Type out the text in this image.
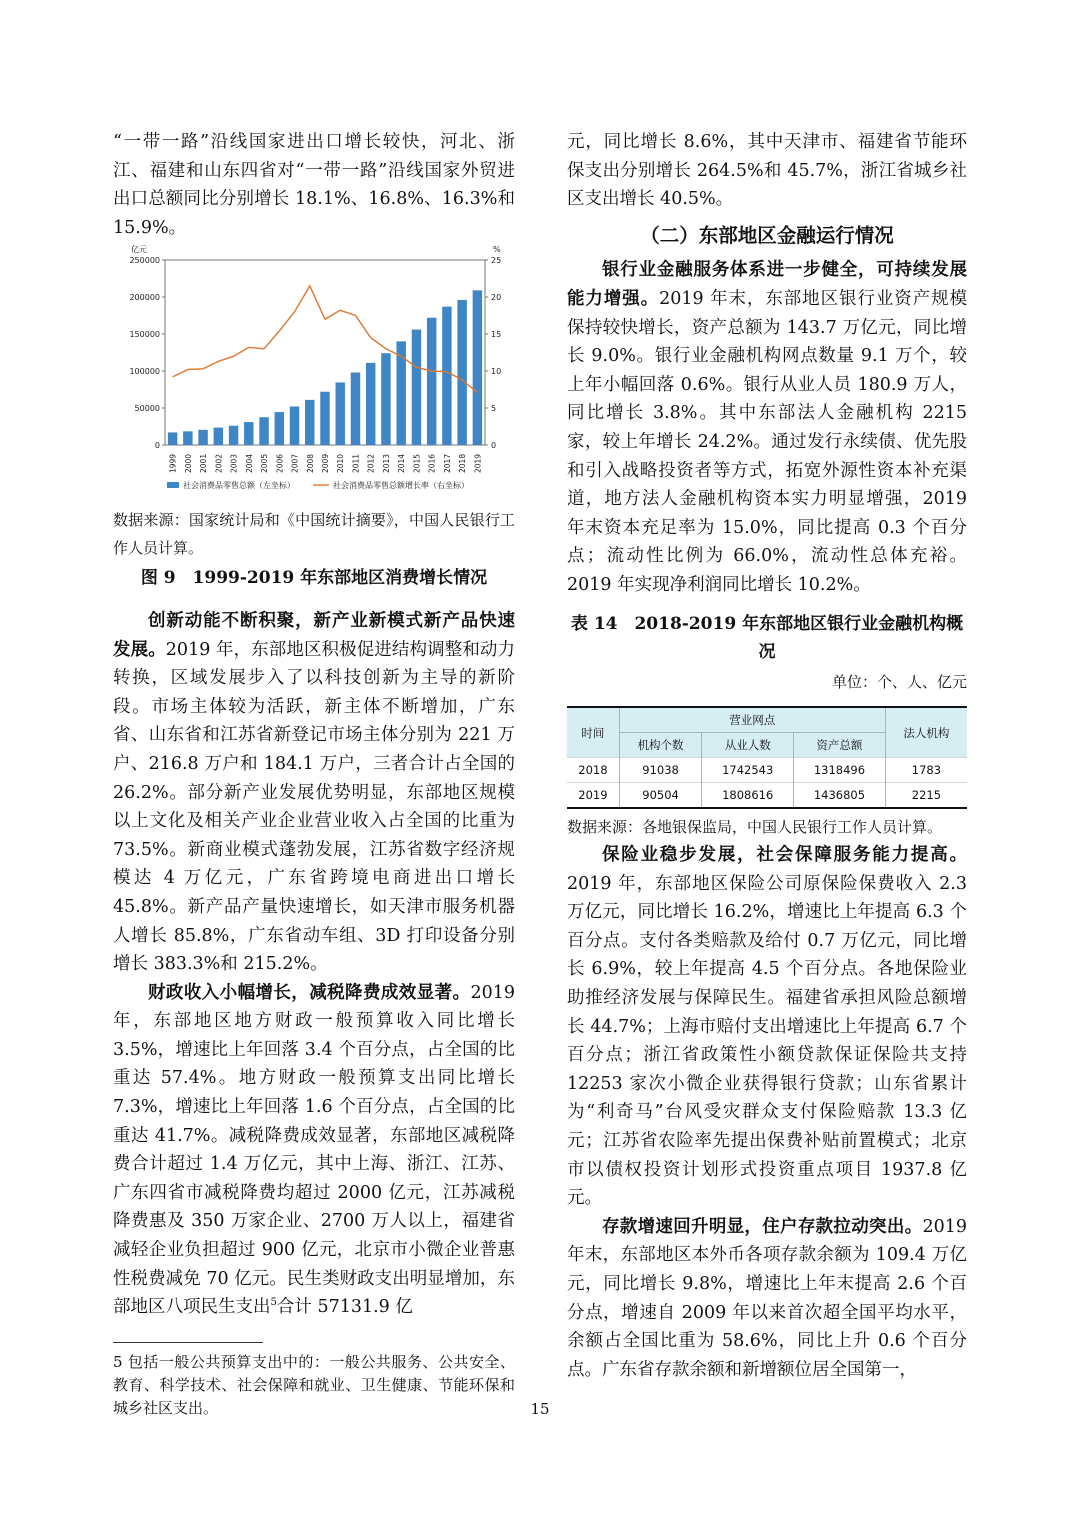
“一带一路”沿线国家进出口增长较快，河北、浙江、福建和山东四省对“一带一路”沿线国家外贸进出口总额同比分别增长 18.1%、16.8%、16.3%和 15.9%。

亿元	%
0
50000
100000
150000
200000
250000
0
5
10
15
20
25
1999 2000 2001 2002 2003 2004 2005 2006 2007 2008 2009 2010 2011 2012 2013 2014 2015 2016 2017 2018 2019
社会消费品零售总额（左坐标）	社会消费品零售总额增长率（右坐标）

数据来源：国家统计局和《中国统计摘要》，中国人民银行工作人员计算。

图 9　1999-2019 年东部地区消费增长情况

创新动能不断积聚，新产业新模式新产品快速发展。2019 年，东部地区积极促进结构调整和动力转换，区域发展步入了以科技创新为主导的新阶段。市场主体较为活跃，新主体不断增加，广东省、山东省和江苏省新登记市场主体分别为 221 万户、216.8 万户和 184.1 万户，三者合计占全国的 26.2%。部分新产业发展优势明显，东部地区规模以上文化及相关产业企业营业收入占全国的比重为 73.5%。新商业模式蓬勃发展，江苏省数字经济规模达 4 万亿元，广东省跨境电商进出口增长 45.8%。新产品产量快速增长，如天津市服务机器人增长 85.8%，广东省动车组、3D 打印设备分别增长 383.3%和 215.2%。

财政收入小幅增长，减税降费成效显著。2019 年，东部地区地方财政一般预算收入同比增长 3.5%，增速比上年回落 3.4 个百分点，占全国的比重达 57.4%。地方财政一般预算支出同比增长 7.3%，增速比上年回落 1.6 个百分点，占全国的比重达 41.7%。减税降费成效显著，东部地区减税降费合计超过 1.4 万亿元，其中上海、浙江、江苏、广东四省市减税降费均超过 2000 亿元，江苏减税降费惠及 350 万家企业、2700 万人以上，福建省减轻企业负担超过 900 亿元，北京市小微企业普惠性税费减免 70 亿元。民生类财政支出明显增加，东部地区八项民生支出$^5$合计 57131.9 亿

5 包括一般公共预算支出中的：一般公共服务、公共安全、教育、科学技术、社会保障和就业、卫生健康、节能环保和城乡社区支出。

元，同比增长 8.6%，其中天津市、福建省节能环保支出分别增长 264.5%和 45.7%，浙江省城乡社区支出增长 40.5%。

（二）东部地区金融运行情况

银行业金融服务体系进一步健全，可持续发展能力增强。2019 年末，东部地区银行业资产规模保持较快增长，资产总额为 143.7 万亿元，同比增长 9.0%。银行业金融机构网点数量 9.1 万个，较上年小幅回落 0.6%。银行从业人员 180.9 万人，同比增长 3.8%。其中东部法人金融机构 2215 家，较上年增长 24.2%。通过发行永续债、优先股和引入战略投资者等方式，拓宽外源性资本补充渠道，地方法人金融机构资本实力明显增强，2019 年末资本充足率为 15.0%，同比提高 0.3 个百分点；流动性比例为 66.0%，流动性总体充裕。2019 年实现净利润同比增长 10.2%。

表 14　2018-2019 年东部地区银行业金融机构概况

单位：个、人、亿元

时间	营业网点			法人机构
	机构个数	从业人数	资产总额	
2018	91038	1742543	1318496	1783
2019	90504	1808616	1436805	2215

数据来源：各地银保监局，中国人民银行工作人员计算。

保险业稳步发展，社会保障服务能力提高。2019 年，东部地区保险公司原保险保费收入 2.3 万亿元，同比增长 16.2%，增速比上年提高 6.3 个百分点。支付各类赔款及给付 0.7 万亿元，同比增长 6.9%，较上年提高 4.5 个百分点。各地保险业助推经济发展与保障民生。福建省承担风险总额增长 44.7%；上海市赔付支出增速比上年提高 6.7 个百分点；浙江省政策性小额贷款保证保险共支持 12253 家次小微企业获得银行贷款；山东省累计为“利奇马”台风受灾群众支付保险赔款 13.3 亿元；江苏省农险率先提出保费补贴前置模式；北京市以债权投资计划形式投资重点项目 1937.8 亿元。

存款增速回升明显，住户存款拉动突出。2019 年末，东部地区本外币各项存款余额为 109.4 万亿元，同比增长 9.8%，增速比上年末提高 2.6 个百分点，增速自 2009 年以来首次超全国平均水平，余额占全国比重为 58.6%，同比上升 0.6 个百分点。广东省存款余额和新增额位居全国第一，

15
